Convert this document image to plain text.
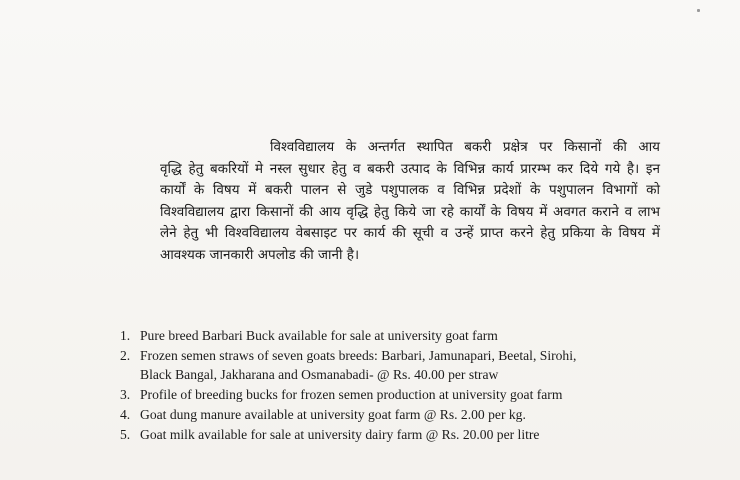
विश्वविद्यालय के अन्तर्गत स्थापित बकरी प्रक्षेत्र पर किसानों की आय
वृद्धि हेतु बकरियों मे नस्ल सुधार हेतु व बकरी उत्पाद के विभिन्न कार्य प्रारम्भ कर दिये गये है। इन
कार्यों के विषय में बकरी पालन से जुडे पशुपालक व विभिन्न प्रदेशों के पशुपालन विभागों को
विश्वविद्यालय द्वारा किसानों की आय वृद्धि हेतु किये जा रहे कार्यों के विषय में अवगत कराने व लाभ
लेने हेतु भी विश्वविद्यालय वेबसाइट पर कार्य की सूची व उन्हें प्राप्त करने हेतु प्रकिया के विषय में
आवश्यक जानकारी अपलोड की जानी है।
1. Pure breed Barbari Buck available for sale at university goat farm
2. Frozen semen straws of seven goats breeds: Barbari, Jamunapari, Beetal, Sirohi,
Black Bangal, Jakharana and Osmanabadi- @ Rs. 40.00 per straw
3. Profile of breeding bucks for frozen semen production at university goat farm
4. Goat dung manure available at university goat farm @ Rs. 2.00 per kg.
5. Goat milk available for sale at university dairy farm @ Rs. 20.00 per litre
